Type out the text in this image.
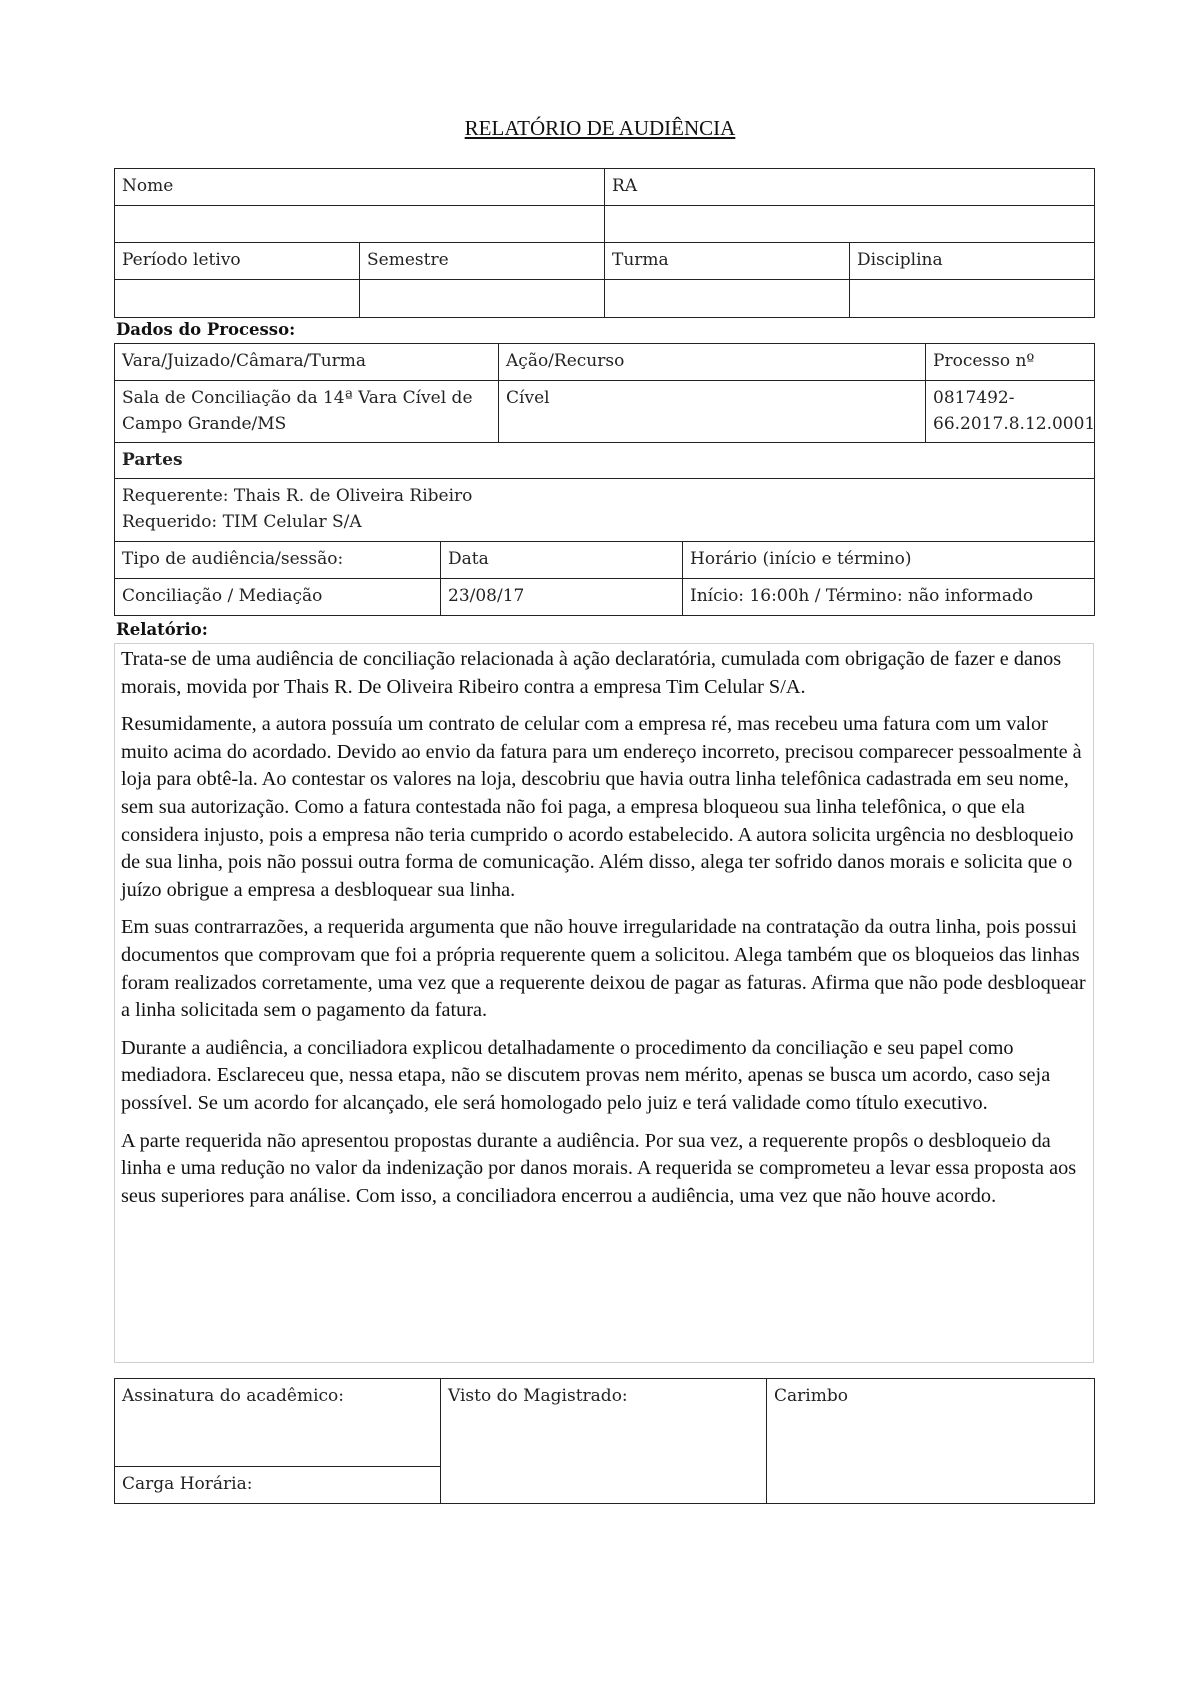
RELATÓRIO DE AUDIÊNCIA
Nome		RA	

Período letivo	Semestre	Turma	Disciplina

Dados do Processo:
Vara/Juizado/Câmara/Turma		Ação/Recurso		Processo nº
Sala de Conciliação da 14ª Vara Cível de Campo Grande/MS		Cível		0817492-66.2017.8.12.0001
Partes				

Requerente: Thais R. de Oliveira Ribeiro
Requerido: TIM Celular S/A				

Tipo de audiência/sessão:	Data		Horário (início e término)	
Conciliação / Mediação	23/08/17		Início: 16:00h / Término: não informado	
Relatório:

Trata-se de uma audiência de conciliação relacionada à ação declaratória, cumulada com obrigação de fazer e danos morais, movida por Thais R. De Oliveira Ribeiro contra a empresa Tim Celular S/A.

Resumidamente, a autora possuía um contrato de celular com a empresa ré, mas recebeu uma fatura com um valor muito acima do acordado. Devido ao envio da fatura para um endereço incorreto, precisou comparecer pessoalmente à loja para obtê-la. Ao contestar os valores na loja, descobriu que havia outra linha telefônica cadastrada em seu nome, sem sua autorização. Como a fatura contestada não foi paga, a empresa bloqueou sua linha telefônica, o que ela considera injusto, pois a empresa não teria cumprido o acordo estabelecido. A autora solicita urgência no desbloqueio de sua linha, pois não possui outra forma de comunicação. Além disso, alega ter sofrido danos morais e solicita que o juízo obrigue a empresa a desbloquear sua linha.

Em suas contrarrazões, a requerida argumenta que não houve irregularidade na contratação da outra linha, pois possui documentos que comprovam que foi a própria requerente quem a solicitou. Alega também que os bloqueios das linhas foram realizados corretamente, uma vez que a requerente deixou de pagar as faturas. Afirma que não pode desbloquear a linha solicitada sem o pagamento da fatura.

Durante a audiência, a conciliadora explicou detalhadamente o procedimento da conciliação e seu papel como mediadora. Esclareceu que, nessa etapa, não se discutem provas nem mérito, apenas se busca um acordo, caso seja possível. Se um acordo for alcançado, ele será homologado pelo juiz e terá validade como título executivo.

A parte requerida não apresentou propostas durante a audiência. Por sua vez, a requerente propôs o desbloqueio da linha e uma redução no valor da indenização por danos morais. A requerida se comprometeu a levar essa proposta aos seus superiores para análise. Com isso, a conciliadora encerrou a audiência, uma vez que não houve acordo.

Assinatura do acadêmico:	Visto do Magistrado:	Carimbo
Carga Horária:
